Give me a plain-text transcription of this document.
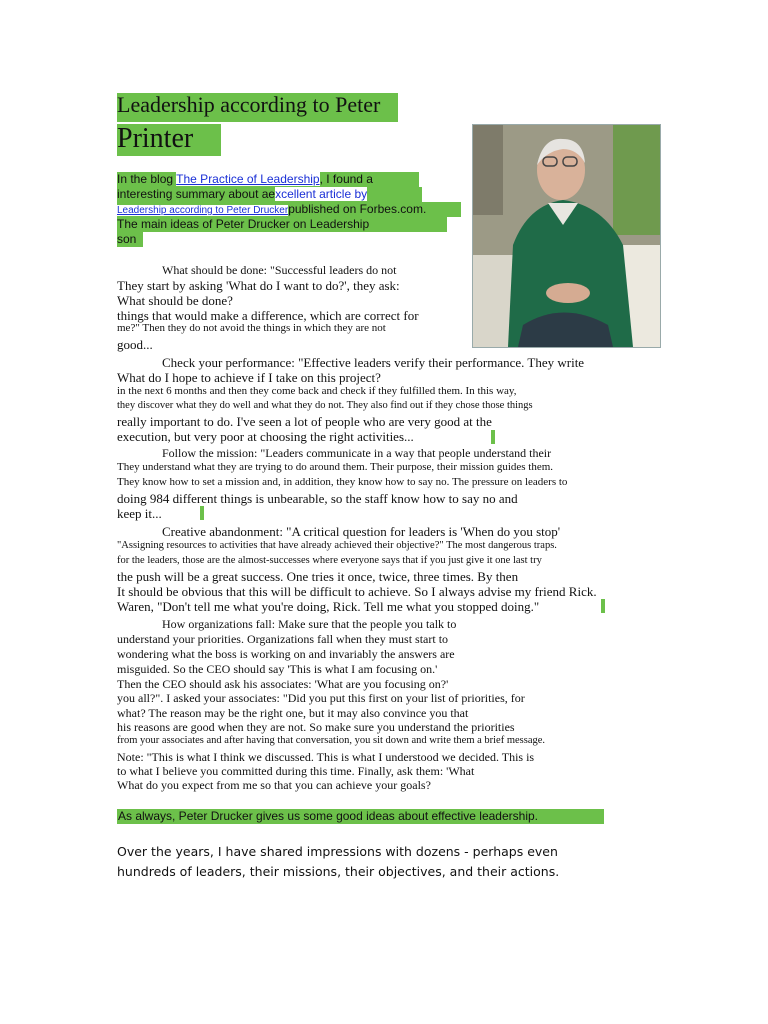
Leadership according to Peter
Printer
In the blog The Practice of Leadership, I found a
interesting summary about aexcellent article by
Leadership according to Peter Druckerpublished on Forbes.com.
The main ideas of Peter Drucker on Leadership
son
What should be done: "Successful leaders do not
They start by asking 'What do I want to do?', they ask:
What should be done?
things that would make a difference, which are correct for
me?" Then they do not avoid the things in which they are not
good...
Check your performance: "Effective leaders verify their performance. They write
What do I hope to achieve if I take on this project?
in the next 6 months and then they come back and check if they fulfilled them. In this way,
they discover what they do well and what they do not. They also find out if they chose those things
really important to do. I've seen a lot of people who are very good at the
execution, but very poor at choosing the right activities...
Follow the mission: "Leaders communicate in a way that people understand their
They understand what they are trying to do around them. Their purpose, their mission guides them.
They know how to set a mission and, in addition, they know how to say no. The pressure on leaders to
doing 984 different things is unbearable, so the staff know how to say no and
keep it...
Creative abandonment: "A critical question for leaders is 'When do you stop'
"Assigning resources to activities that have already achieved their objective?" The most dangerous traps.
for the leaders, those are the almost-successes where everyone says that if you just give it one last try
the push will be a great success. One tries it once, twice, three times. By then
It should be obvious that this will be difficult to achieve. So I always advise my friend Rick.
Waren, "Don't tell me what you're doing, Rick. Tell me what you stopped doing."
How organizations fall: Make sure that the people you talk to
understand your priorities. Organizations fall when they must start to
wondering what the boss is working on and invariably the answers are
misguided. So the CEO should say 'This is what I am focusing on.'
Then the CEO should ask his associates: 'What are you focusing on?'
you all?". I asked your associates: "Did you put this first on your list of priorities, for
what? The reason may be the right one, but it may also convince you that
his reasons are good when they are not. So make sure you understand the priorities
from your associates and after having that conversation, you sit down and write them a brief message.
Note: "This is what I think we discussed. This is what I understood we decided. This is
to what I believe you committed during this time. Finally, ask them: 'What
What do you expect from me so that you can achieve your goals?
As always, Peter Drucker gives us some good ideas about effective leadership.
Over the years, I have shared impressions with dozens - perhaps even
hundreds of leaders, their missions, their objectives, and their actions.
